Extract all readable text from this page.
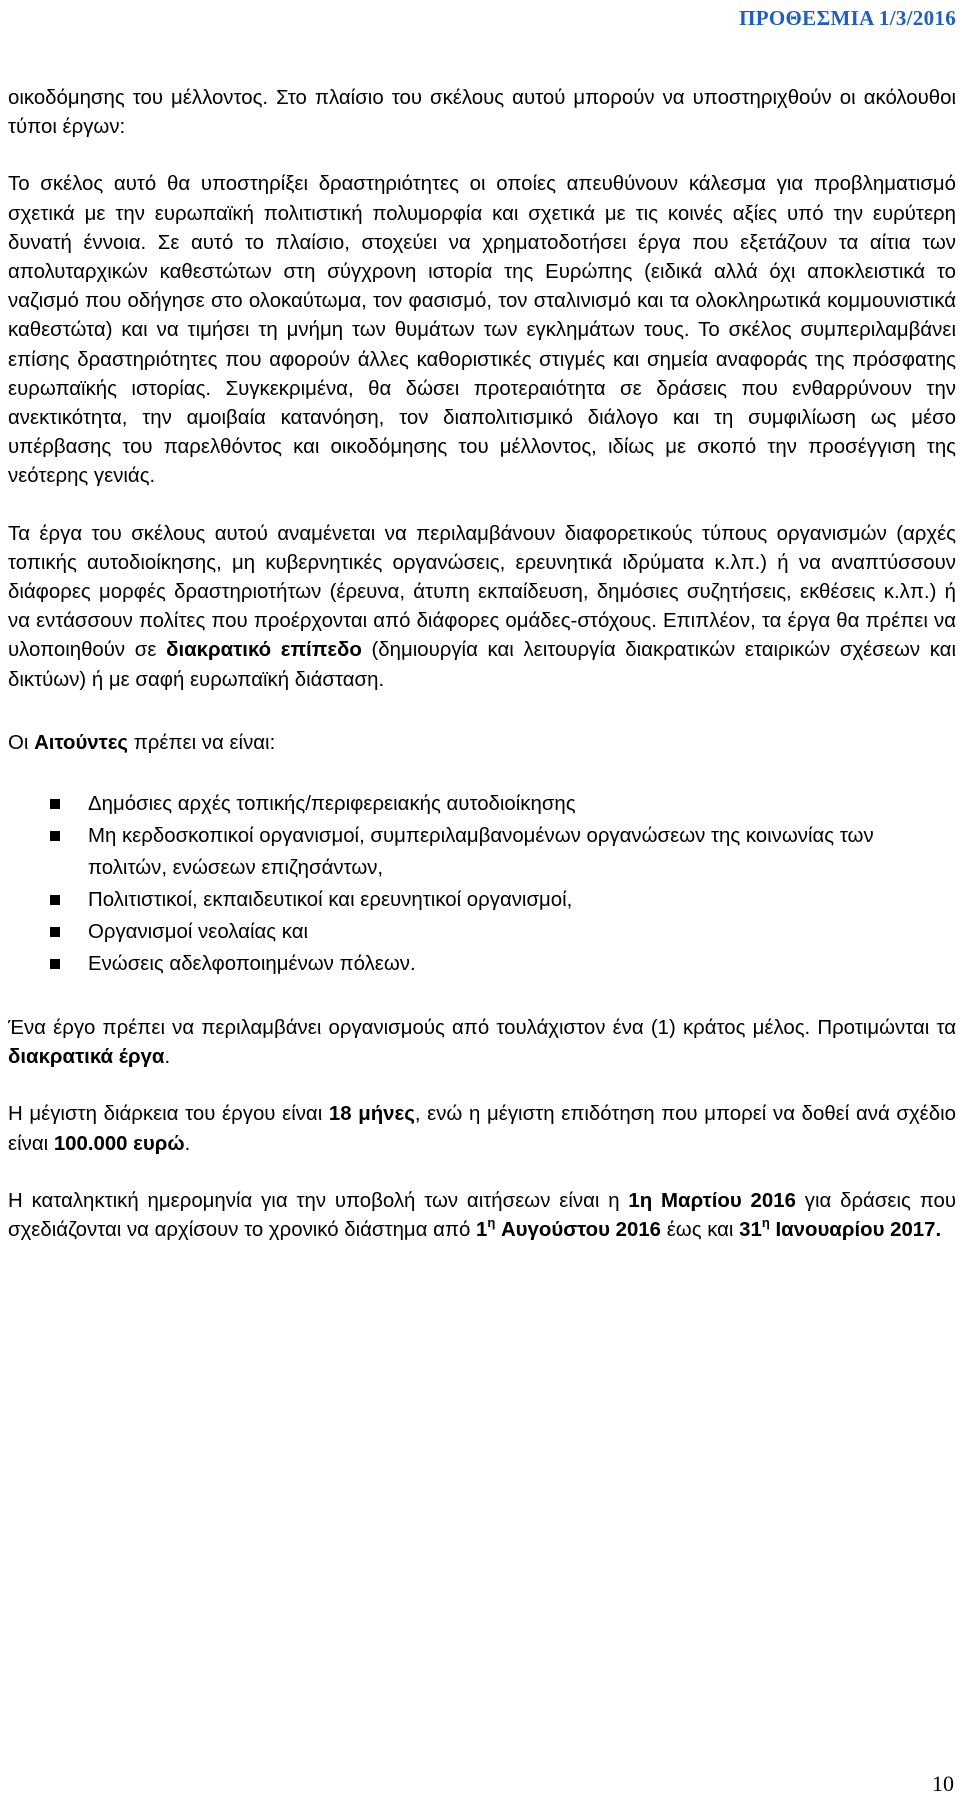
ΠΡΟΘΕΣΜΙΑ 1/3/2016

οικοδόμησης του μέλλοντος. Στο πλαίσιο του σκέλους αυτού μπορούν να υποστηριχθούν οι ακόλουθοι τύποι έργων:

Το σκέλος αυτό θα υποστηρίξει δραστηριότητες οι οποίες απευθύνουν κάλεσμα για προβληματισμό σχετικά με την ευρωπαϊκή πολιτιστική πολυμορφία και σχετικά με τις κοινές αξίες υπό την ευρύτερη δυνατή έννοια. Σε αυτό το πλαίσιο, στοχεύει να χρηματοδοτήσει έργα που εξετάζουν τα αίτια των απολυταρχικών καθεστώτων στη σύγχρονη ιστορία της Ευρώπης (ειδικά αλλά όχι αποκλειστικά το ναζισμό που οδήγησε στο ολοκαύτωμα, τον φασισμό, τον σταλινισμό και τα ολοκληρωτικά κομμουνιστικά καθεστώτα) και να τιμήσει τη μνήμη των θυμάτων των εγκλημάτων τους. Το σκέλος συμπεριλαμβάνει επίσης δραστηριότητες που αφορούν άλλες καθοριστικές στιγμές και σημεία αναφοράς της πρόσφατης ευρωπαϊκής ιστορίας. Συγκεκριμένα, θα δώσει προτεραιότητα σε δράσεις που ενθαρρύνουν την ανεκτικότητα, την αμοιβαία κατανόηση, τον διαπολιτισμικό διάλογο και τη συμφιλίωση ως μέσο υπέρβασης του παρελθόντος και οικοδόμησης του μέλλοντος, ιδίως με σκοπό την προσέγγιση της νεότερης γενιάς.

Τα έργα του σκέλους αυτού αναμένεται να περιλαμβάνουν διαφορετικούς τύπους οργανισμών (αρχές τοπικής αυτοδιοίκησης, μη κυβερνητικές οργανώσεις, ερευνητικά ιδρύματα κ.λπ.) ή να αναπτύσσουν διάφορες μορφές δραστηριοτήτων (έρευνα, άτυπη εκπαίδευση, δημόσιες συζητήσεις, εκθέσεις κ.λπ.) ή να εντάσσουν πολίτες που προέρχονται από διάφορες ομάδες-στόχους. Επιπλέον, τα έργα θα πρέπει να υλοποιηθούν σε διακρατικό επίπεδο (δημιουργία και λειτουργία διακρατικών εταιρικών σχέσεων και δικτύων) ή με σαφή ευρωπαϊκή διάσταση.

Οι Αιτούντες πρέπει να είναι:

Δημόσιες αρχές τοπικής/περιφερειακής αυτοδιοίκησης
Μη κερδοσκοπικοί οργανισμοί, συμπεριλαμβανομένων οργανώσεων της κοινωνίας των πολιτών, ενώσεων επιζησάντων,
Πολιτιστικοί, εκπαιδευτικοί και ερευνητικοί οργανισμοί,
Οργανισμοί νεολαίας και
Ενώσεις αδελφοποιημένων πόλεων.

Ένα έργο πρέπει να περιλαμβάνει οργανισμούς από τουλάχιστον ένα (1) κράτος μέλος. Προτιμώνται τα διακρατικά έργα.

Η μέγιστη διάρκεια του έργου είναι 18 μήνες, ενώ η μέγιστη επιδότηση που μπορεί να δοθεί ανά σχέδιο είναι 100.000 ευρώ.

Η καταληκτική ημερομηνία για την υποβολή των αιτήσεων είναι η 1η Μαρτίου 2016 για δράσεις που σχεδιάζονται να αρχίσουν το χρονικό διάστημα από $1^\eta$ Αυγούστου 2016 έως και $31^\eta$ Ιανουαρίου 2017.

10
